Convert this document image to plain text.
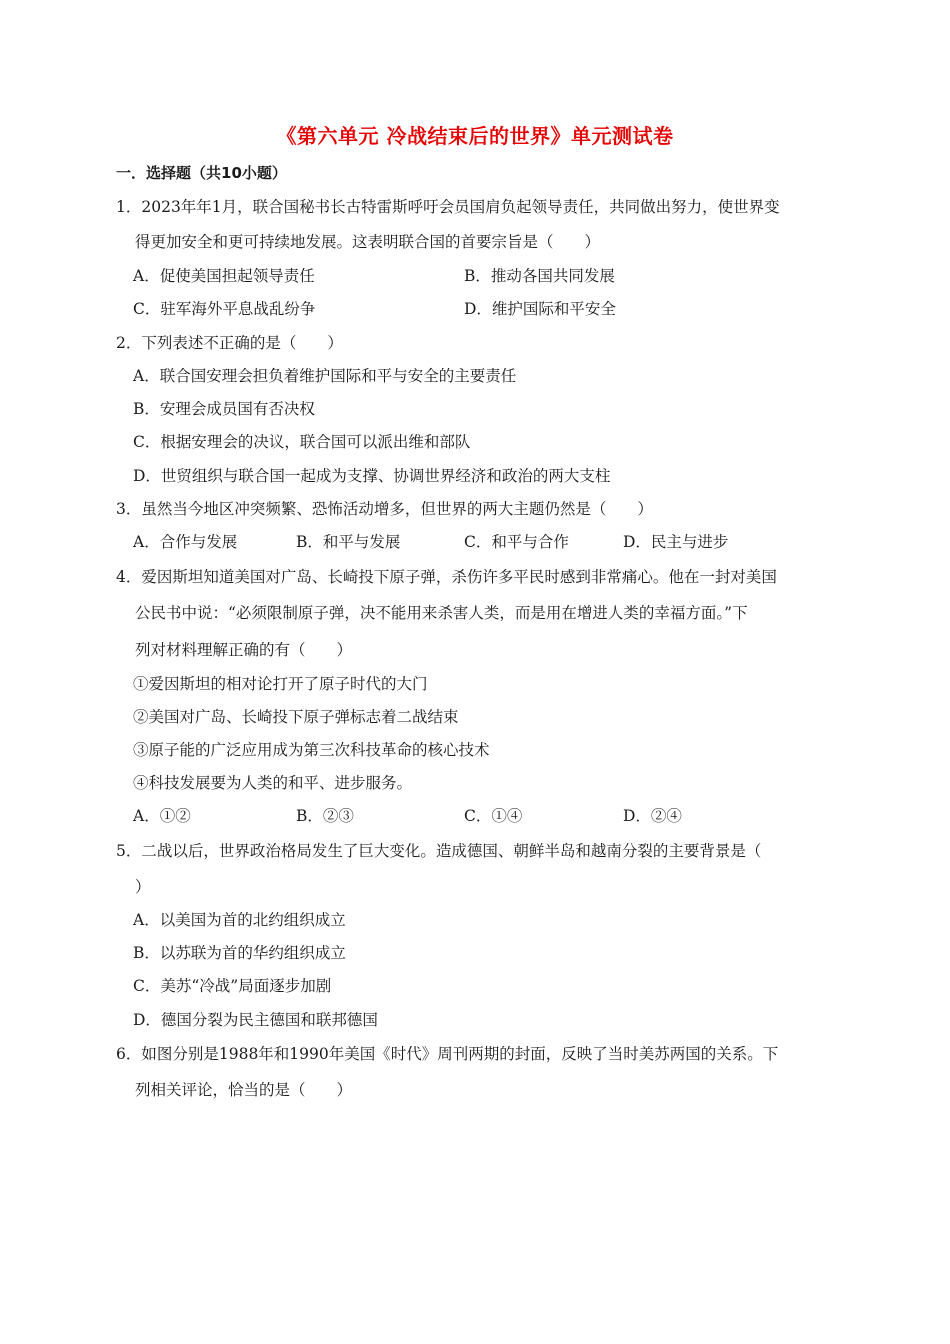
《第六单元 冷战结束后的世界》单元测试卷
一．选择题（共10小题）
1．2023年年1月，联合国秘书长古特雷斯呼吁会员国肩负起领导责任，共同做出努力，使世界变
得更加安全和更可持续地发展。这表明联合国的首要宗旨是（　　）
A．促使美国担起领导责任	B．推动各国共同发展
C．驻军海外平息战乱纷争	D．维护国际和平安全
2．下列表述不正确的是（　　）
A．联合国安理会担负着维护国际和平与安全的主要责任
B．安理会成员国有否决权
C．根据安理会的决议，联合国可以派出维和部队
D．世贸组织与联合国一起成为支撑、协调世界经济和政治的两大支柱
3．虽然当今地区冲突频繁、恐怖活动增多，但世界的两大主题仍然是（　　）
A．合作与发展	B．和平与发展	C．和平与合作	D．民主与进步
4．爱因斯坦知道美国对广岛、长崎投下原子弹，杀伤许多平民时感到非常痛心。他在一封对美国
公民书中说：“必须限制原子弹，决不能用来杀害人类，而是用在增进人类的幸福方面。”下
列对材料理解正确的有（　　）
①爱因斯坦的相对论打开了原子时代的大门
②美国对广岛、长崎投下原子弹标志着二战结束
③原子能的广泛应用成为第三次科技革命的核心技术
④科技发展要为人类的和平、进步服务。
A．①②	B．②③	C．①④	D．②④
5．二战以后，世界政治格局发生了巨大变化。造成德国、朝鲜半岛和越南分裂的主要背景是（
）
A．以美国为首的北约组织成立
B．以苏联为首的华约组织成立
C．美苏“冷战”局面逐步加剧
D．德国分裂为民主德国和联邦德国
6．如图分别是1988年和1990年美国《时代》周刊两期的封面，反映了当时美苏两国的关系。下
列相关评论，恰当的是（　　）
